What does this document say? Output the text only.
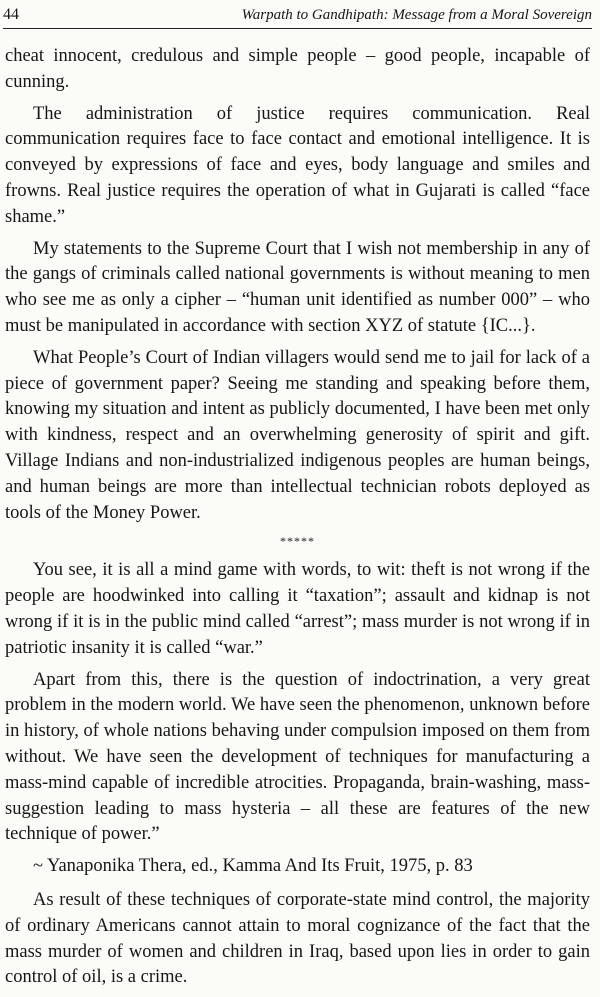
44	Warpath to Gandhipath: Message from a Moral Sovereign

cheat innocent, credulous and simple people – good people, incapable of cunning.

The administration of justice requires communication. Real communication requires face to face contact and emotional intelligence. It is conveyed by expressions of face and eyes, body language and smiles and frowns. Real justice requires the operation of what in Gujarati is called “face shame.”

My statements to the Supreme Court that I wish not membership in any of the gangs of criminals called national governments is without meaning to men who see me as only a cipher – “human unit identified as number 000” – who must be manipulated in accordance with section XYZ of statute {IC...}.

What People’s Court of Indian villagers would send me to jail for lack of a piece of government paper? Seeing me standing and speaking before them, knowing my situation and intent as publicly documented, I have been met only with kindness, respect and an overwhelming generosity of spirit and gift. Village Indians and non-industrialized indigenous peoples are human beings, and human beings are more than intellectual technician robots deployed as tools of the Money Power.

*****

You see, it is all a mind game with words, to wit: theft is not wrong if the people are hoodwinked into calling it “taxation”; assault and kidnap is not wrong if it is in the public mind called “arrest”; mass murder is not wrong if in patriotic insanity it is called “war.”

Apart from this, there is the question of indoctrination, a very great problem in the modern world. We have seen the phenomenon, unknown before in history, of whole nations behaving under compulsion imposed on them from without. We have seen the development of techniques for manufacturing a mass-mind capable of incredible atrocities. Propaganda, brain-washing, mass-suggestion leading to mass hysteria – all these are features of the new technique of power.”

~ Yanaponika Thera, ed., Kamma And Its Fruit, 1975, p. 83

As result of these techniques of corporate-state mind control, the majority of ordinary Americans cannot attain to moral cognizance of the fact that the mass murder of women and children in Iraq, based upon lies in order to gain control of oil, is a crime.
